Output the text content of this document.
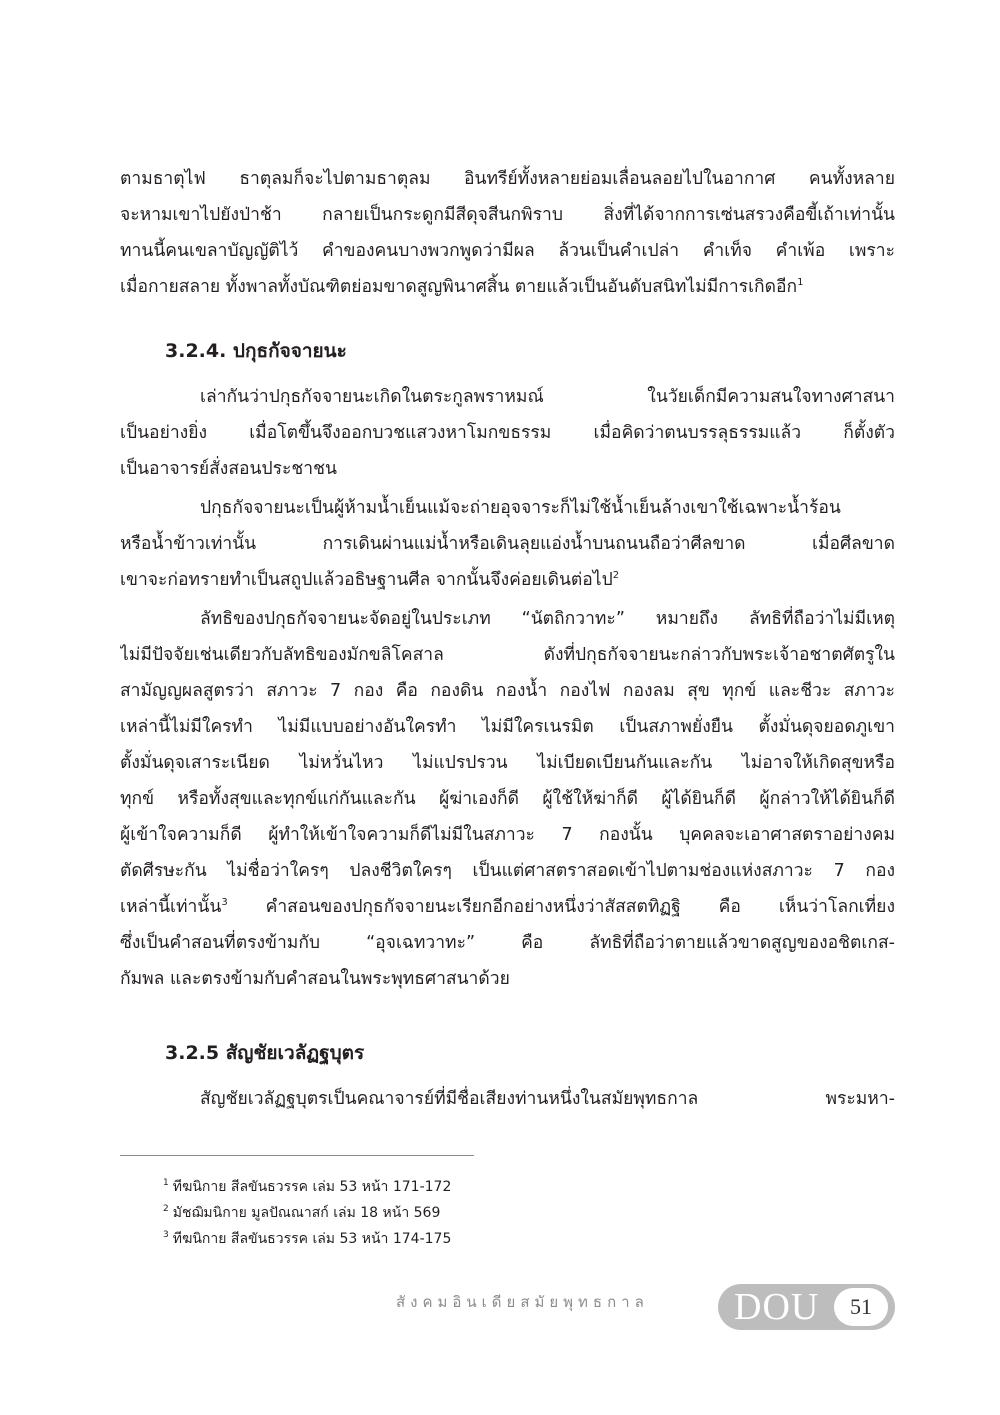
ตามธาตุไฟ ธาตุลมก็จะไปตามธาตุลม อินทรีย์ทั้งหลายย่อมเลื่อนลอยไปในอากาศ คนทั้งหลาย
จะหามเขาไปยังป่าช้า กลายเป็นกระดูกมีสีดุจสีนกพิราบ สิ่งที่ได้จากการเซ่นสรวงคือขี้เถ้าเท่านั้น
ทานนี้คนเขลาบัญญัติไว้ คำของคนบางพวกพูดว่ามีผล ล้วนเป็นคำเปล่า คำเท็จ คำเพ้อ เพราะ
เมื่อกายสลาย ทั้งพาลทั้งบัณฑิตย่อมขาดสูญพินาศสิ้น ตายแล้วเป็นอันดับสนิทไม่มีการเกิดอีก$^1$
3.2.4. ปกุธกัจจายนะ
เล่ากันว่าปกุธกัจจายนะเกิดในตระกูลพราหมณ์ ในวัยเด็กมีความสนใจทางศาสนา
เป็นอย่างยิ่ง เมื่อโตขึ้นจึงออกบวชแสวงหาโมกขธรรม เมื่อคิดว่าตนบรรลุธรรมแล้ว ก็ตั้งตัว
เป็นอาจารย์สั่งสอนประชาชน
ปกุธกัจจายนะเป็นผู้ห้ามน้ำเย็นแม้จะถ่ายอุจจาระก็ไม่ใช้น้ำเย็นล้างเขาใช้เฉพาะน้ำร้อน
หรือน้ำข้าวเท่านั้น การเดินผ่านแม่น้ำหรือเดินลุยแอ่งน้ำบนถนนถือว่าศีลขาด เมื่อศีลขาด
เขาจะก่อทรายทำเป็นสถูปแล้วอธิษฐานศีล จากนั้นจึงค่อยเดินต่อไป$^2$
ลัทธิของปกุธกัจจายนะจัดอยู่ในประเภท “นัตถิกวาทะ” หมายถึง ลัทธิที่ถือว่าไม่มีเหตุ
ไม่มีปัจจัยเช่นเดียวกับลัทธิของมักขลิโคสาล ดังที่ปกุธกัจจายนะกล่าวกับพระเจ้าอชาตศัตรูใน
สามัญญผลสูตรว่า สภาวะ 7 กอง คือ กองดิน กองน้ำ กองไฟ กองลม สุข ทุกข์ และชีวะ สภาวะ
เหล่านี้ไม่มีใครทำ ไม่มีแบบอย่างอันใครทำ ไม่มีใครเนรมิต เป็นสภาพยั่งยืน ตั้งมั่นดุจยอดภูเขา
ตั้งมั่นดุจเสาระเนียด ไม่หวั่นไหว ไม่แปรปรวน ไม่เบียดเบียนกันและกัน ไม่อาจให้เกิดสุขหรือ
ทุกข์ หรือทั้งสุขและทุกข์แก่กันและกัน ผู้ฆ่าเองก็ดี ผู้ใช้ให้ฆ่าก็ดี ผู้ได้ยินก็ดี ผู้กล่าวให้ได้ยินก็ดี
ผู้เข้าใจความก็ดี ผู้ทำให้เข้าใจความก็ดีไม่มีในสภาวะ 7 กองนั้น บุคคลจะเอาศาสตราอย่างคม
ตัดศีรษะกัน ไม่ชื่อว่าใครๆ ปลงชีวิตใครๆ เป็นแต่ศาสตราสอดเข้าไปตามช่องแห่งสภาวะ 7 กอง
เหล่านี้เท่านั้น$^3$ คำสอนของปกุธกัจจายนะเรียกอีกอย่างหนึ่งว่าสัสสตทิฏฐิ คือ เห็นว่าโลกเที่ยง
ซึ่งเป็นคำสอนที่ตรงข้ามกับ “อุจเฉทวาทะ” คือ ลัทธิที่ถือว่าตายแล้วขาดสูญของอชิตเกส-
กัมพล และตรงข้ามกับคำสอนในพระพุทธศาสนาด้วย
3.2.5 สัญชัยเวลัฏฐบุตร
สัญชัยเวลัฏฐบุตรเป็นคณาจารย์ที่มีชื่อเสียงท่านหนึ่งในสมัยพุทธกาล พระมหา-
$^1$ ทีฆนิกาย สีลขันธวรรค เล่ม 53 หน้า 171-172
$^2$ มัชฌิมนิกาย มูลปัณณาสก์ เล่ม 18 หน้า 569
$^3$ ทีฆนิกาย สีลขันธวรรค เล่ม 53 หน้า 174-175
สังคมอินเดียสมัยพุทธกาล DOU	51
